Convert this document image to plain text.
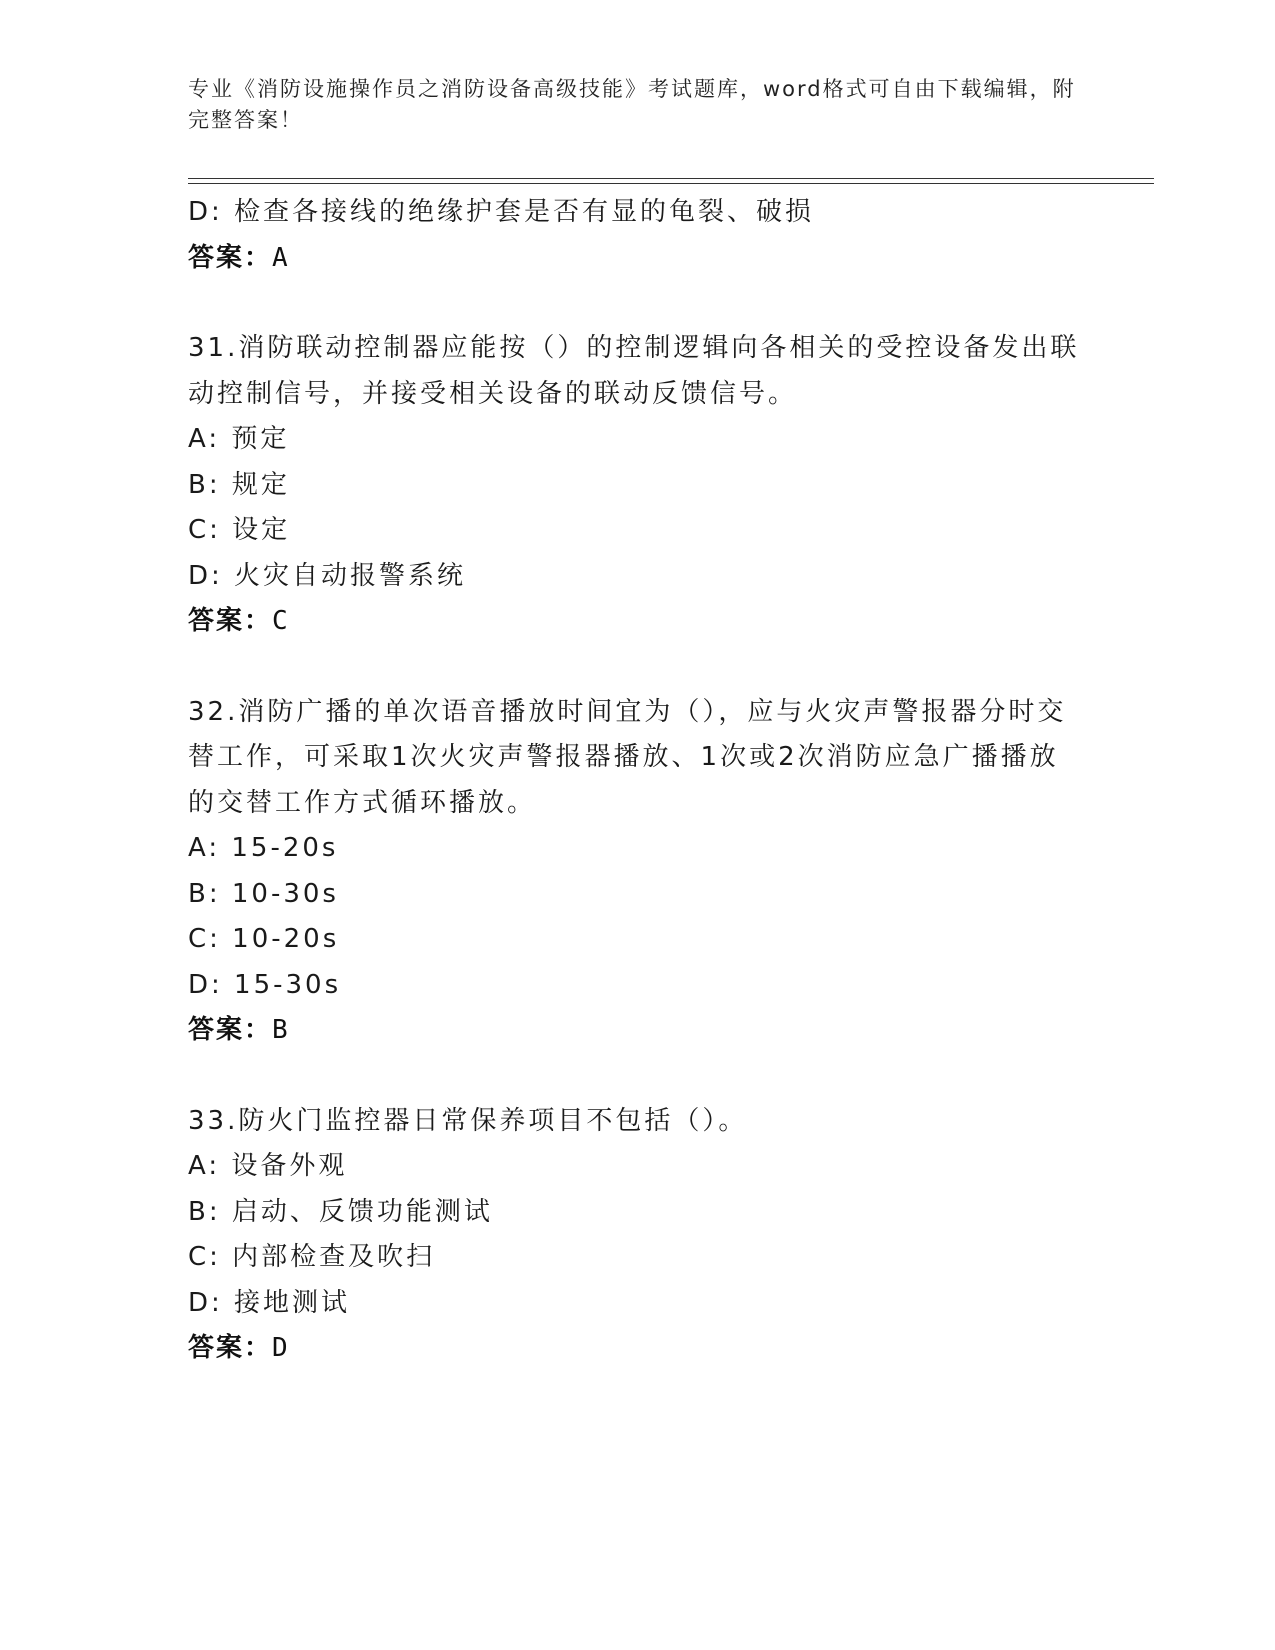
专业《消防设施操作员之消防设备高级技能》考试题库，word格式可自由下载编辑，附完整答案！
D: 检查各接线的绝缘护套是否有显的龟裂、破损
答案：A
31.消防联动控制器应能按（）的控制逻辑向各相关的受控设备发出联
动控制信号，并接受相关设备的联动反馈信号。
A: 预定
B: 规定
C: 设定
D: 火灾自动报警系统
答案：C
32.消防广播的单次语音播放时间宜为（），应与火灾声警报器分时交
替工作，可采取1次火灾声警报器播放、1次或2次消防应急广播播放
的交替工作方式循环播放。
A: 15-20s
B: 10-30s
C: 10-20s
D: 15-30s
答案：B
33.防火门监控器日常保养项目不包括（）。
A: 设备外观
B: 启动、反馈功能测试
C: 内部检查及吹扫
D: 接地测试
答案：D
